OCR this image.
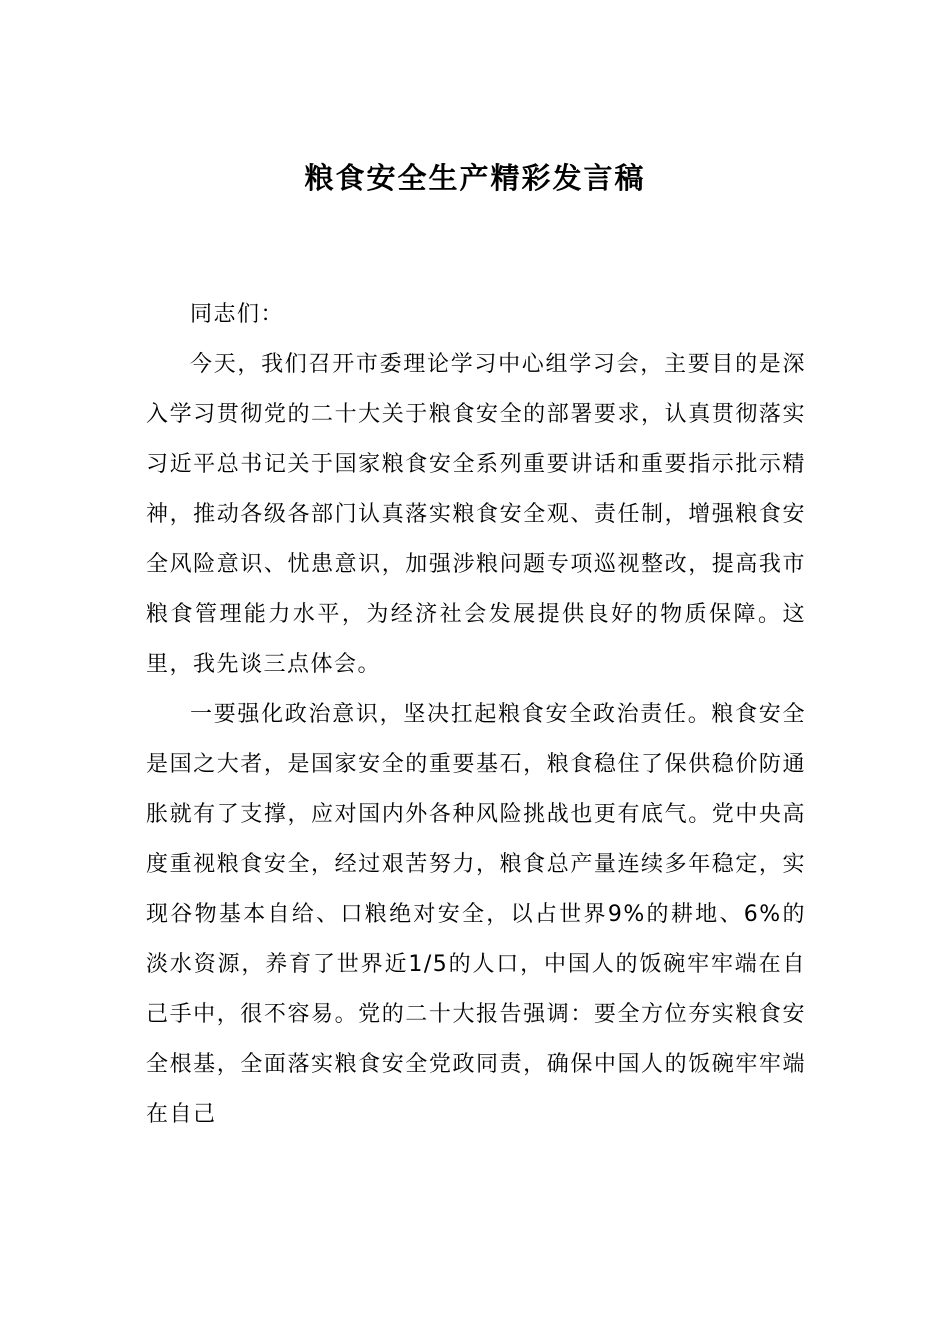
粮食安全生产精彩发言稿

同志们：

今天，我们召开市委理论学习中心组学习会，主要目的是深入学习贯彻党的二十大关于粮食安全的部署要求，认真贯彻落实习近平总书记关于国家粮食安全系列重要讲话和重要指示批示精神，推动各级各部门认真落实粮食安全观、责任制，增强粮食安全风险意识、忧患意识，加强涉粮问题专项巡视整改，提高我市粮食管理能力水平，为经济社会发展提供良好的物质保障。这里，我先谈三点体会。

一要强化政治意识，坚决扛起粮食安全政治责任。粮食安全是国之大者，是国家安全的重要基石，粮食稳住了保供稳价防通胀就有了支撑，应对国内外各种风险挑战也更有底气。党中央高度重视粮食安全，经过艰苦努力，粮食总产量连续多年稳定，实现谷物基本自给、口粮绝对安全，以占世界9%的耕地、6%的淡水资源，养育了世界近1/5的人口，中国人的饭碗牢牢端在自己手中，很不容易。党的二十大报告强调：要全方位夯实粮食安全根基，全面落实粮食安全党政同责，确保中国人的饭碗牢牢端在自己
